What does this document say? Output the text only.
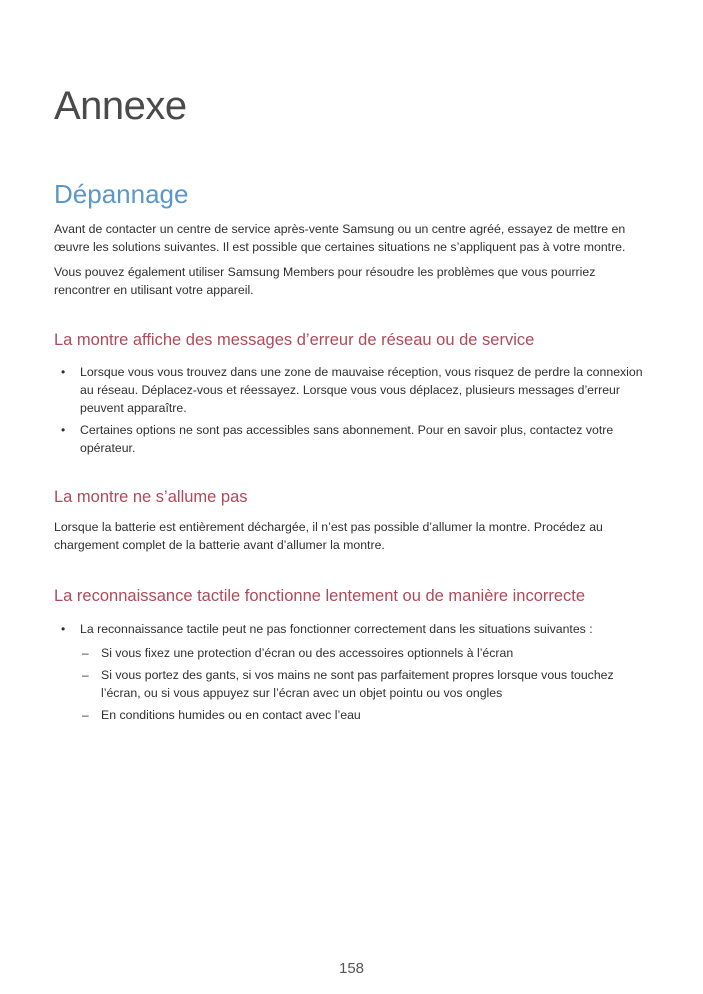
Annexe
Dépannage

Avant de contacter un centre de service après-vente Samsung ou un centre agréé, essayez de mettre en œuvre les solutions suivantes. Il est possible que certaines situations ne s’appliquent pas à votre montre.

Vous pouvez également utiliser Samsung Members pour résoudre les problèmes que vous pourriez rencontrer en utilisant votre appareil.

La montre affiche des messages d’erreur de réseau ou de service
• Lorsque vous vous trouvez dans une zone de mauvaise réception, vous risquez de perdre la connexion au réseau. Déplacez-vous et réessayez. Lorsque vous vous déplacez, plusieurs messages d’erreur peuvent apparaître.
• Certaines options ne sont pas accessibles sans abonnement. Pour en savoir plus, contactez votre opérateur.
La montre ne s’allume pas

Lorsque la batterie est entièrement déchargée, il n’est pas possible d’allumer la montre. Procédez au chargement complet de la batterie avant d’allumer la montre.

La reconnaissance tactile fonctionne lentement ou de manière incorrecte
• La reconnaissance tactile peut ne pas fonctionner correctement dans les situations suivantes :
– Si vous fixez une protection d’écran ou des accessoires optionnels à l’écran
– Si vous portez des gants, si vos mains ne sont pas parfaitement propres lorsque vous touchez l’écran, ou si vous appuyez sur l’écran avec un objet pointu ou vos ongles
– En conditions humides ou en contact avec l’eau
158
